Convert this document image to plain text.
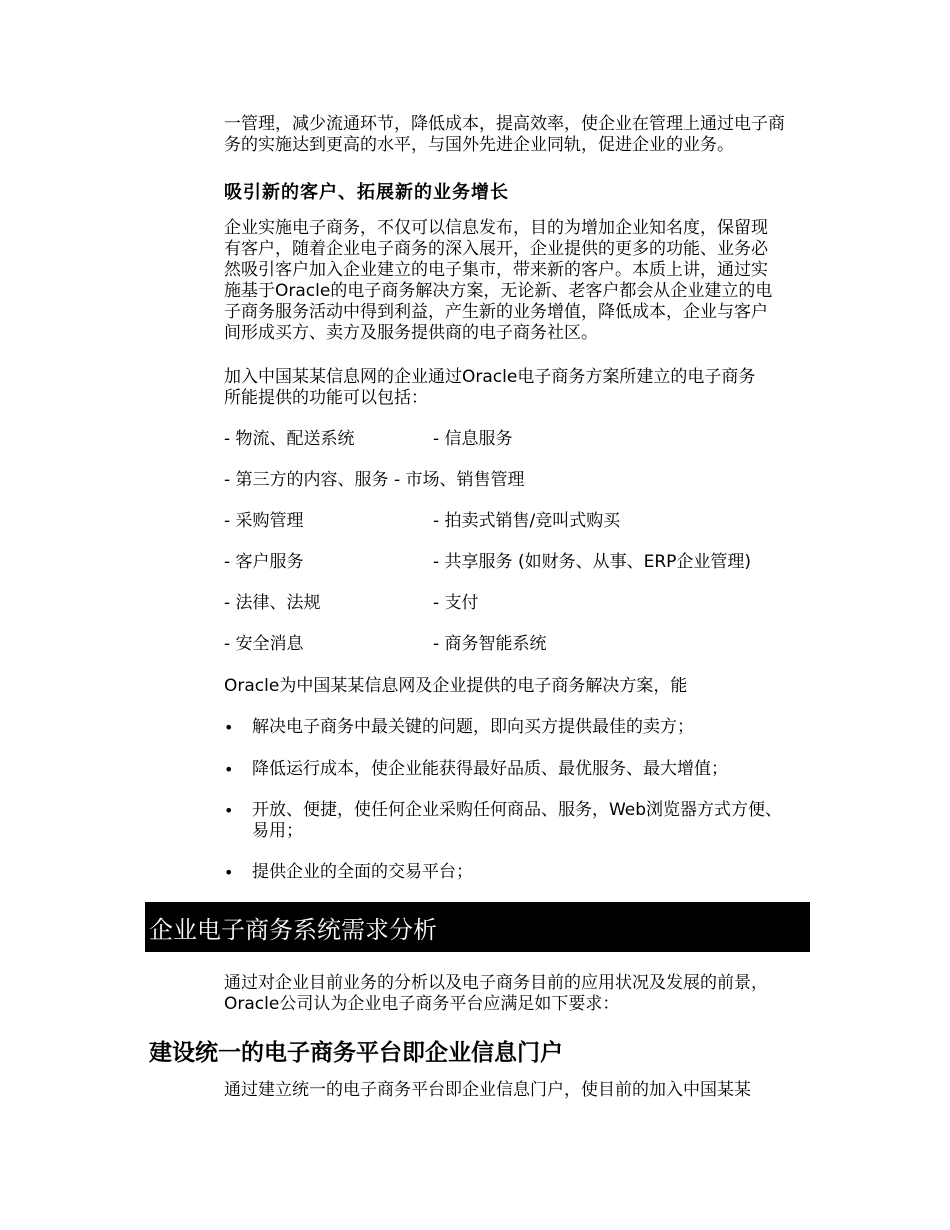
一管理，减少流通环节，降低成本，提高效率，使企业在管理上通过电子商
务的实施达到更高的水平，与国外先进企业同轨，促进企业的业务。
吸引新的客户、拓展新的业务增长
企业实施电子商务，不仅可以信息发布，目的为增加企业知名度，保留现
有客户，随着企业电子商务的深入展开，企业提供的更多的功能、业务必
然吸引客户加入企业建立的电子集市，带来新的客户。本质上讲，通过实
施基于Oracle的电子商务解决方案，无论新、老客户都会从企业建立的电
子商务服务活动中得到利益，产生新的业务增值，降低成本，企业与客户
间形成买方、卖方及服务提供商的电子商务社区。
加入中国某某信息网的企业通过Oracle电子商务方案所建立的电子商务
所能提供的功能可以包括：
- 物流、配送系统	- 信息服务
- 第三方的内容、服务 - 市场、销售管理
- 采购管理	- 拍卖式销售/竞叫式购买
- 客户服务	- 共享服务 (如财务、从事、ERP企业管理)
- 法律、法规	- 支付
- 安全消息	- 商务智能系统
Oracle为中国某某信息网及企业提供的电子商务解决方案，能
•	解决电子商务中最关键的问题，即向买方提供最佳的卖方；
•	降低运行成本，使企业能获得最好品质、最优服务、最大增值；
•	开放、便捷，使任何企业采购任何商品、服务，Web浏览器方式方便、易用；
•	提供企业的全面的交易平台；
企业电子商务系统需求分析
通过对企业目前业务的分析以及电子商务目前的应用状况及发展的前景，
Oracle公司认为企业电子商务平台应满足如下要求：
建设统一的电子商务平台即企业信息门户
通过建立统一的电子商务平台即企业信息门户，使目前的加入中国某某
